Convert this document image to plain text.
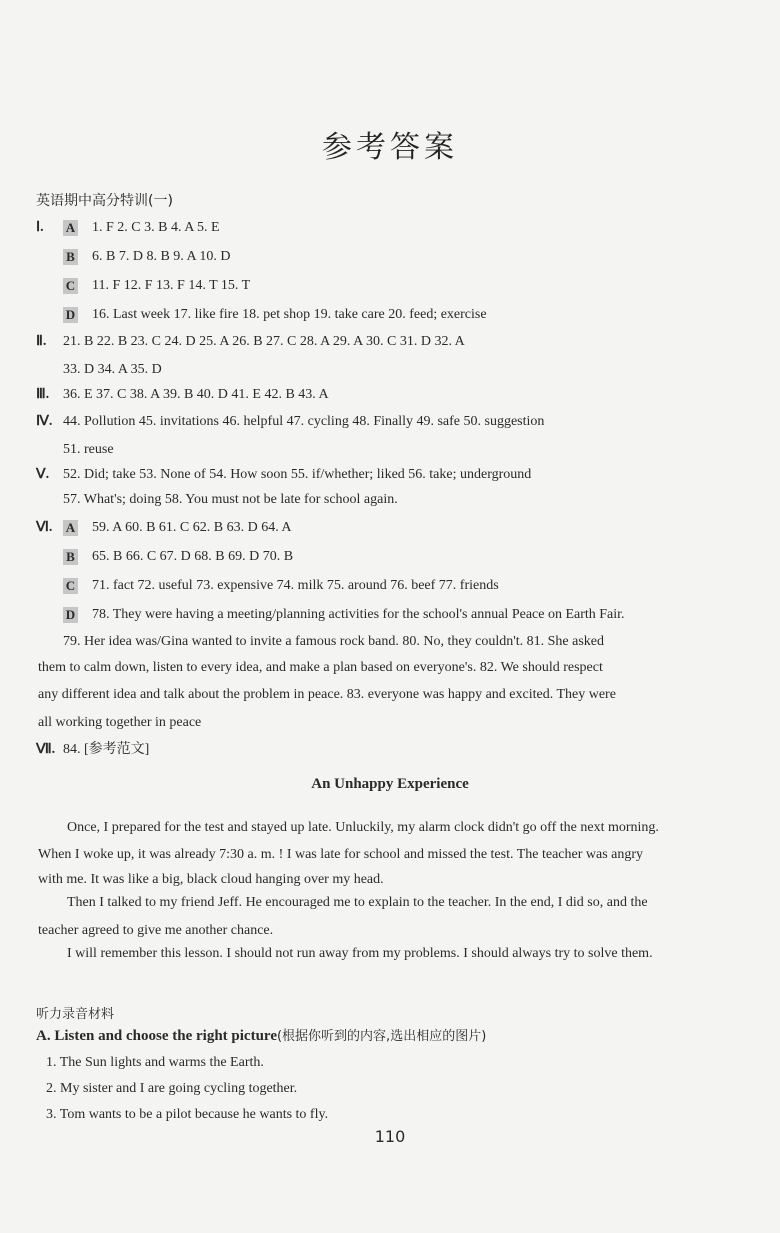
参考答案
英语期中高分特训(一)
Ⅰ. A 1. F 2. C 3. B 4. A 5. E
B 6. B 7. D 8. B 9. A 10. D
C 11. F 12. F 13. F 14. T 15. T
D 16. Last week 17. like fire 18. pet shop 19. take care 20. feed; exercise
Ⅱ. 21. B 22. B 23. C 24. D 25. A 26. B 27. C 28. A 29. A 30. C 31. D 32. A
33. D 34. A 35. D
Ⅲ. 36. E 37. C 38. A 39. B 40. D 41. E 42. B 43. A
Ⅳ. 44. Pollution 45. invitations 46. helpful 47. cycling 48. Finally 49. safe 50. suggestion
51. reuse
Ⅴ. 52. Did; take 53. None of 54. How soon 55. if/whether; liked 56. take; underground
57. What's; doing 58. You must not be late for school again.
Ⅵ. A 59. A 60. B 61. C 62. B 63. D 64. A
B 65. B 66. C 67. D 68. B 69. D 70. B
C 71. fact 72. useful 73. expensive 74. milk 75. around 76. beef 77. friends
D 78. They were having a meeting/planning activities for the school's annual Peace on Earth Fair.
79. Her idea was/Gina wanted to invite a famous rock band. 80. No, they couldn't. 81. She asked
them to calm down, listen to every idea, and make a plan based on everyone's. 82. We should respect
any different idea and talk about the problem in peace. 83. everyone was happy and excited. They were
all working together in peace
Ⅶ. 84. [参考范文]
An Unhappy Experience
Once, I prepared for the test and stayed up late. Unluckily, my alarm clock didn't go off the next morning.
When I woke up, it was already 7:30 a. m. ! I was late for school and missed the test. The teacher was angry
with me. It was like a big, black cloud hanging over my head.
Then I talked to my friend Jeff. He encouraged me to explain to the teacher. In the end, I did so, and the
teacher agreed to give me another chance.
I will remember this lesson. I should not run away from my problems. I should always try to solve them.
听力录音材料
A. Listen and choose the right picture(根据你听到的内容,选出相应的图片)
1. The Sun lights and warms the Earth.
2. My sister and I are going cycling together.
3. Tom wants to be a pilot because he wants to fly.
110
